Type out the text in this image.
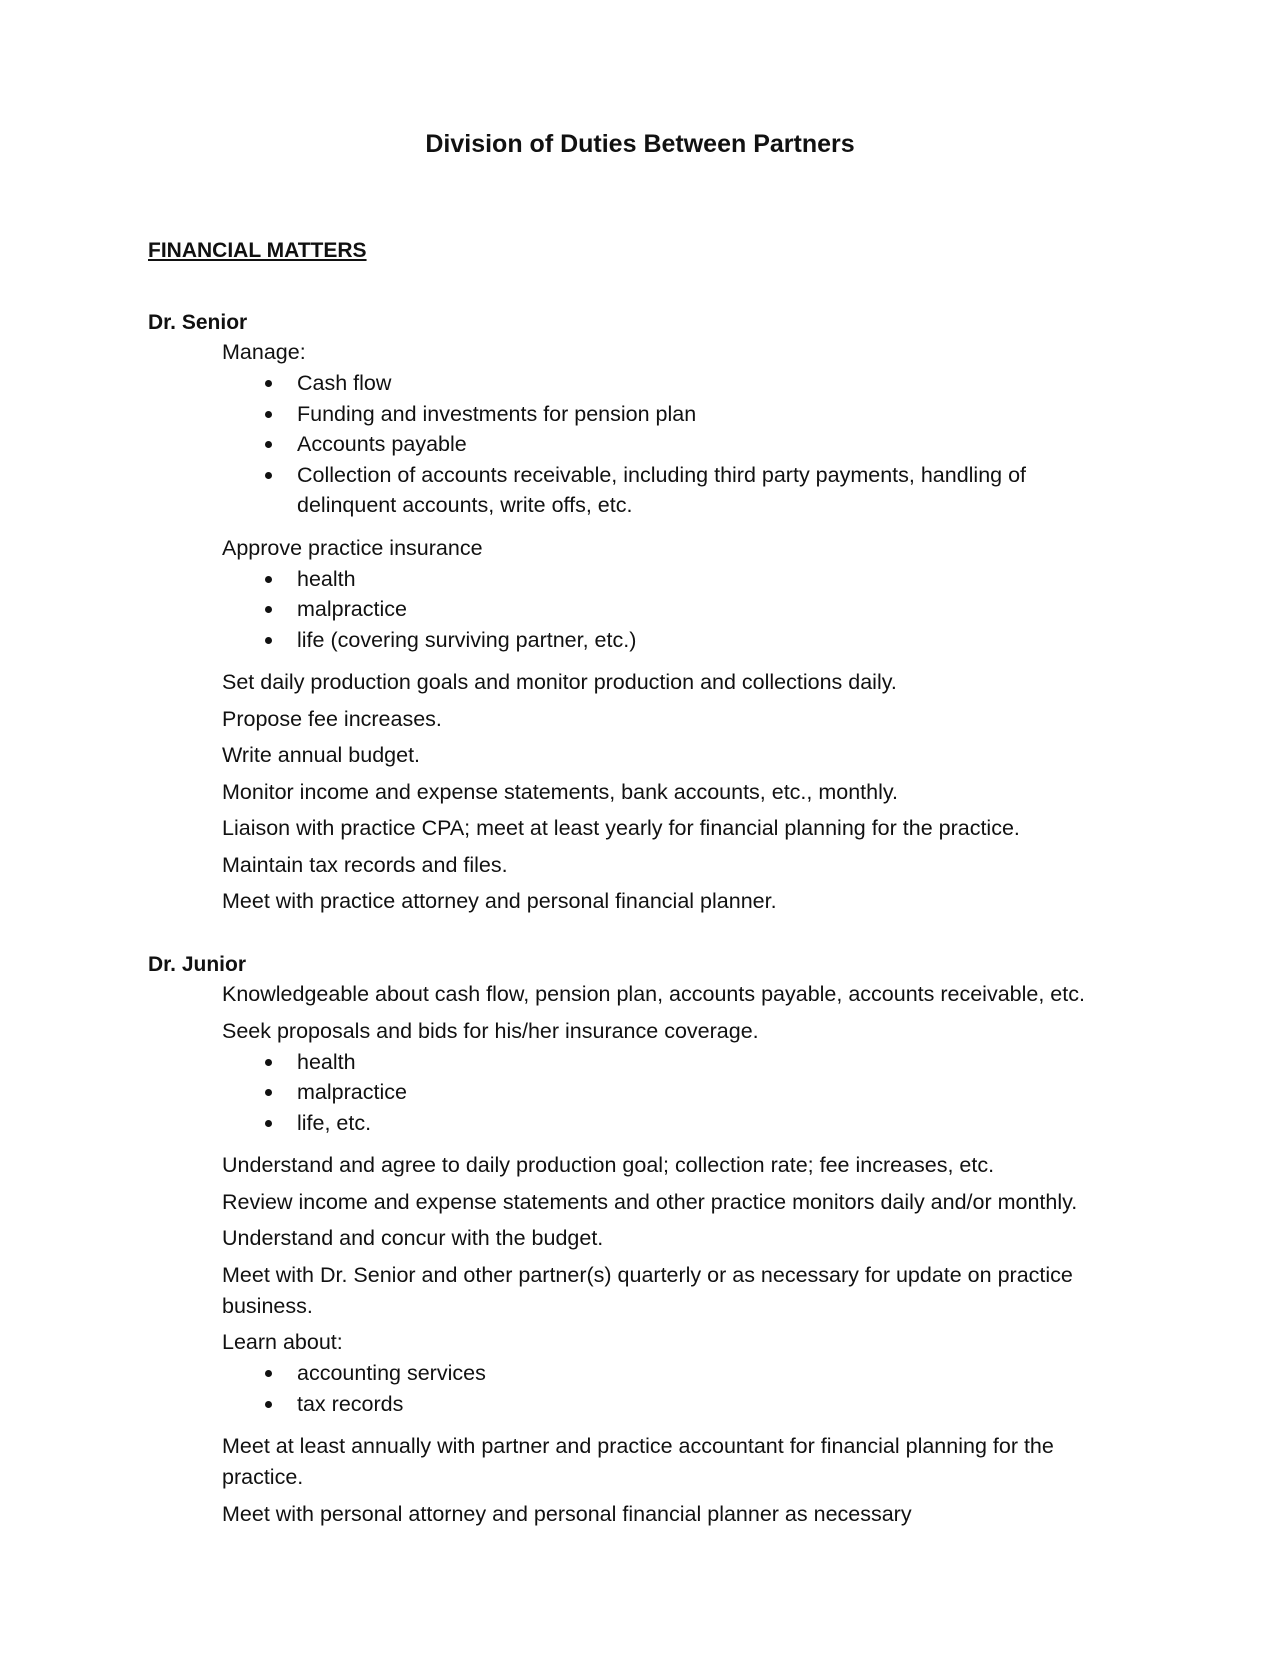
Division of Duties Between Partners
FINANCIAL MATTERS
Dr. Senior
Manage:
Cash flow
Funding and investments for pension plan
Accounts payable
Collection of accounts receivable, including third party payments, handling of
delinquent accounts, write offs, etc.
Approve practice insurance
health
malpractice
life (covering surviving partner, etc.)
Set daily production goals and monitor production and collections daily.
Propose fee increases.
Write annual budget.
Monitor income and expense statements, bank accounts, etc., monthly.
Liaison with practice CPA; meet at least yearly for financial planning for the practice.
Maintain tax records and files.
Meet with practice attorney and personal financial planner.
Dr. Junior
Knowledgeable about cash flow, pension plan, accounts payable, accounts receivable, etc.
Seek proposals and bids for his/her insurance coverage.
health
malpractice
life, etc.
Understand and agree to daily production goal; collection rate; fee increases, etc.
Review income and expense statements and other practice monitors daily and/or monthly.
Understand and concur with the budget.
Meet with Dr. Senior and other partner(s) quarterly or as necessary for update on practice
business.
Learn about:
accounting services
tax records
Meet at least annually with partner and practice accountant for financial planning for the
practice.
Meet with personal attorney and personal financial planner as necessary
